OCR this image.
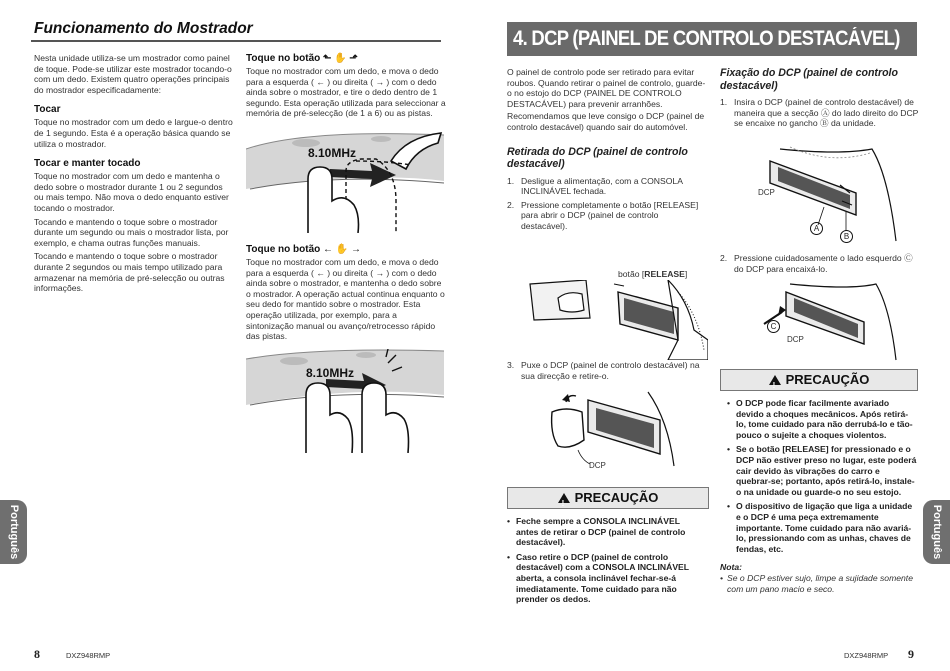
Funcionamento do Mostrador

Nesta unidade utiliza-se um mostrador como painel de toque. Pode-se utilizar este mostrador tocando-o com um dedo. Existem quatro operações principais do mostrador especificadamente:

Tocar

Toque no mostrador com um dedo e largue-o dentro de 1 segundo. Esta é a operação básica quando se utiliza o mostrador.

Tocar e manter tocado

Toque no mostrador com um dedo e mantenha o dedo sobre o mostrador durante 1 ou 2 segundos ou mais tempo. Não mova o dedo enquanto estiver tocando o mostrador.

Tocando e mantendo o toque sobre o mostrador durante um segundo ou mais o mostrador lista, por exemplo, e chama outras funções manuais.

Tocando e mantendo o toque sobre o mostrador durante 2 segundos ou mais tempo utilizado para armazenar na memória de pré-selecção ou outras informações.

Toque no botão ⬑ ✋ ⬏

Toque no mostrador com um dedo, e mova o dedo para a esquerda ( ← ) ou direita ( → ) com o dedo ainda sobre o mostrador, e tire o dedo dentro de 1 segundo. Esta operação utilizada para seleccionar a memória de pré-selecção (de 1 a 6) ou as pistas.

8.10MHz
Toque no botão ← ✋ →

Toque no mostrador com um dedo, e mova o dedo para a esquerda ( ← ) ou direita ( → ) com o dedo ainda sobre o mostrador, e mantenha o dedo sobre o mostrador. A operação actual continua enquanto o seu dedo for mantido sobre o mostrador. Esta operação utilizada, por exemplo, para a sintonização manual ou avanço/retrocesso rápido das pistas.

8.10MHz
Português
8	DXZ948RMP
4. DCP (PAINEL DE CONTROLO DESTACÁVEL)

O painel de controlo pode ser retirado para evitar roubos. Quando retirar o painel de controlo, guarde-o no estojo do DCP (PAINEL DE CONTROLO DESTACÁVEL) para prevenir arranhões.

Recomendamos que leve consigo o DCP (painel de controlo destacável) quando sair do automóvel.

Retirada do DCP (painel de controlo destacável)
1. Desligue a alimentação, com a CONSOLA INCLINÁVEL fechada.
2. Pressione completamente o botão [RELEASE] para abrir o DCP (painel de controlo destacável).
botão [RELEASE]
3. Puxe o DCP (painel de controlo destacável) na sua direcção e retire-o.
DCP
!PRECAUÇÃO
• Feche sempre a CONSOLA INCLINÁVEL antes de retirar o DCP (painel de controlo destacável).
• Caso retire o DCP (painel de controlo destacável) com a CONSOLA INCLINÁVEL aberta, a consola inclinável fechar-se-á imediatamente. Tome cuidado para não prender os dedos.
Fixação do DCP (painel de controlo destacável)
1. Insira o DCP (painel de controlo destacável) de maneira que a secção Ⓐ do lado direito do DCP se encaixe no gancho Ⓑ da unidade.
DCP
A
B
2. Pressione cuidadosamente o lado esquerdo Ⓒ do DCP para encaixá-lo.
C
DCP
!PRECAUÇÃO
• O DCP pode ficar facilmente avariado devido a choques mecânicos. Após retirá-lo, tome cuidado para não derrubá-lo e tão-pouco o sujeite a choques violentos.
• Se o botão [RELEASE] for pressionado e o DCP não estiver preso no lugar, este poderá cair devido às vibrações do carro e quebrar-se; portanto, após retirá-lo, instale-o na unidade ou guarde-o no seu estojo.
• O dispositivo de ligação que liga a unidade e o DCP é uma peça extremamente importante. Tome cuidado para não avariá-lo, pressionando com as unhas, chaves de fendas, etc.
Nota:
• Se o DCP estiver sujo, limpe a sujidade somente com um pano macio e seco.
Português
DXZ948RMP 9
